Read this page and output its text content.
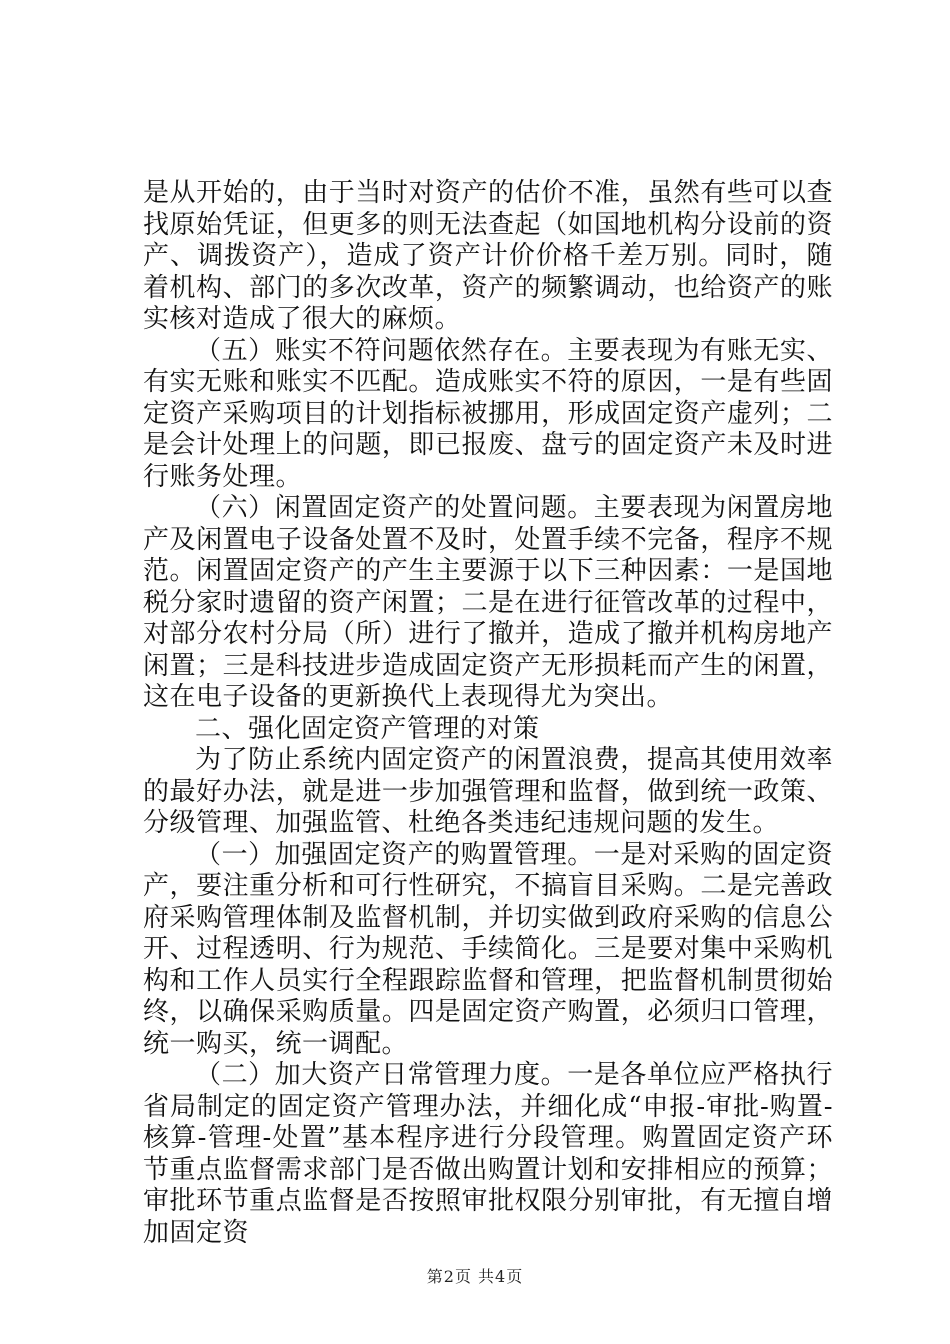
是从开始的，由于当时对资产的估价不准，虽然有些可以查找原始凭证，但更多的则无法查起（如国地机构分设前的资产、调拨资产），造成了资产计价价格千差万别。同时，随着机构、部门的多次改革，资产的频繁调动，也给资产的账实核对造成了很大的麻烦。

（五）账实不符问题依然存在。主要表现为有账无实、有实无账和账实不匹配。造成账实不符的原因，一是有些固定资产采购项目的计划指标被挪用，形成固定资产虚列；二是会计处理上的问题，即已报废、盘亏的固定资产未及时进行账务处理。

（六）闲置固定资产的处置问题。主要表现为闲置房地产及闲置电子设备处置不及时，处置手续不完备，程序不规范。闲置固定资产的产生主要源于以下三种因素：一是国地税分家时遗留的资产闲置；二是在进行征管改革的过程中，对部分农村分局（所）进行了撤并，造成了撤并机构房地产闲置；三是科技进步造成固定资产无形损耗而产生的闲置，这在电子设备的更新换代上表现得尤为突出。

二、强化固定资产管理的对策

为了防止系统内固定资产的闲置浪费，提高其使用效率的最好办法，就是进一步加强管理和监督，做到统一政策、分级管理、加强监管、杜绝各类违纪违规问题的发生。

（一）加强固定资产的购置管理。一是对采购的固定资产，要注重分析和可行性研究，不搞盲目采购。二是完善政府采购管理体制及监督机制，并切实做到政府采购的信息公开、过程透明、行为规范、手续简化。三是要对集中采购机构和工作人员实行全程跟踪监督和管理，把监督机制贯彻始终，以确保采购质量。四是固定资产购置，必须归口管理，统一购买，统一调配。

（二）加大资产日常管理力度。一是各单位应严格执行省局制定的固定资产管理办法，并细化成“申报-审批-购置-核算-管理-处置”基本程序进行分段管理。购置固定资产环节重点监督需求部门是否做出购置计划和安排相应的预算；审批环节重点监督是否按照审批权限分别审批，有无擅自增加固定资

第2页 共4页
